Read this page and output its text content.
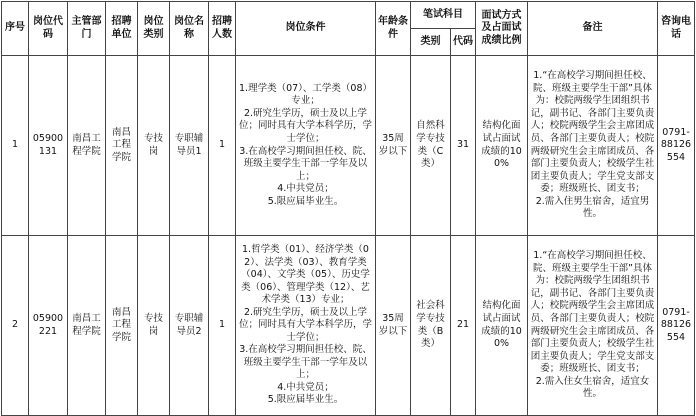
序号	岗位代码	主管部门	招聘单位	岗位类别	岗位名称	招聘人数	岗位条件	年龄条件	笔试科目		面试方式及占面试成绩比例	备注	咨询电话
									类别	代码			
1	05900131	南昌工程学院	南昌工程学院	专技岗	专职辅导员1	1	1.理学类（07）、工学类（08）专业；
2.研究生学历，硕士及以上学位；同时具有大学本科学历，学士学位；
3.在高校学习期间担任校、院、班级主要学生干部一学年及以上；
4.中共党员；
5.限应届毕业生。	35周岁以下	自然科学专技类（C类）	31	结构化面试占面试成绩的100%	1.“在高校学习期间担任校、院、班级主要学生干部”具体为：校院两级学生团组织书记，副书记、各部门主要负责人；校院两级学生会主席团成员、各部门主要负责人；校院两级研究生会主席团成员、各部门主要负责人；校级学生社团主要负责人；学生党支部支委；班级班长、团支书；
2.需入住男生宿舍，适宜男性。	0791-88126554
2	05900221	南昌工程学院	南昌工程学院	专技岗	专职辅导员2	1	1.哲学类（01）、经济学类（02）、法学类（03）、教育学类（04）、文学类（05）、历史学类（06）、管理学类（12）、艺术学类（13）专业；
2.研究生学历，硕士及以上学位；同时具有大学本科学历，学士学位；
3.在高校学习期间担任校、院、班级主要学生干部一学年及以上；
4.中共党员；
5.限应届毕业生。	35周岁以下	社会科学专技类（B类）	21	结构化面试占面试成绩的100%	1.“在高校学习期间担任校、院、班级主要学生干部”具体为：校院两级学生团组织书记，副书记、各部门主要负责人；校院两级学生会主席团成员、各部门主要负责人；校院两级研究生会主席团成员、各部门主要负责人；校级学生社团主要负责人；学生党支部支委；班级班长、团支书；
2.需入住女生宿舍，适宜女性。	0791-88126554
